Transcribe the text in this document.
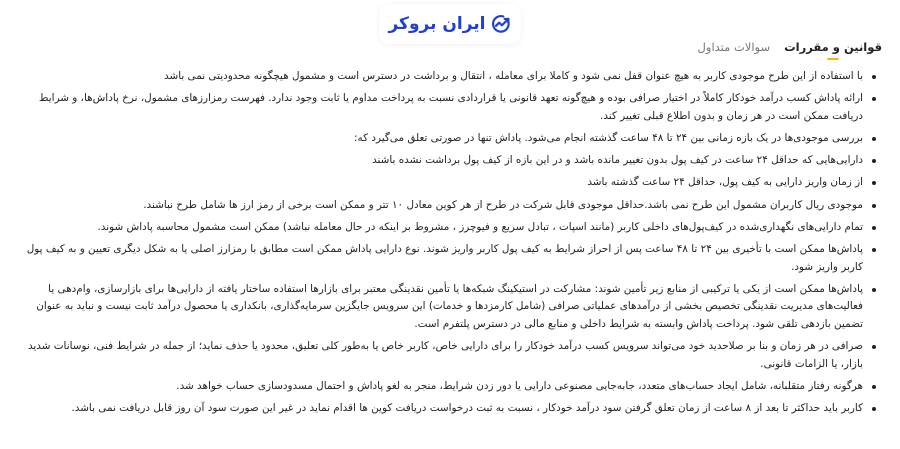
ایران بروکر
قوانین و مقررات
سوالات متداول
با استفاده از این طرح موجودی کاربر به هیچ عنوان قفل نمی شود و کاملا برای معامله ، انتقال و برداشت در دسترس است و مشمول هیچگونه محدودیتی نمی باشد
ارائه پاداش کسب درآمد خودکار کاملاً در اختیار صرافی بوده و هیچ‌گونه تعهد قانونی یا قراردادی نسبت به پرداخت مداوم یا ثابت وجود ندارد. فهرست رمزارزهای مشمول، نرخ پاداش‌ها، و شرایط دریافت ممکن است در هر زمان و بدون اطلاع قبلی تغییر کند.
بررسی موجودی‌ها در یک بازه زمانی بین ۲۴ تا ۴۸ ساعت گذشته انجام می‌شود. پاداش تنها در صورتی تعلق می‌گیرد که:
دارایی‌هایی که حداقل ۲۴ ساعت در کیف پول بدون تغییر مانده باشد و در این بازه از کیف پول برداشت نشده باشند
از زمان واریز دارایی به کیف پول، حداقل ۲۴ ساعت گذشته باشد
موجودی ریال کاربران مشمول این طرح نمی باشد.حداقل موجودی قابل شرکت در طرح از هر کوین معادل ۱۰ تتر و ممکن است برخی از رمز ارز ها شامل طرح نباشند.
تمام دارایی‌های نگهداری‌شده در کیف‌پول‌های داخلی کاربر (مانند اسپات ، تبادل سریع و فیوچرز ، مشروط بر اینکه در حال معامله نباشد) ممکن است مشمول محاسبه پاداش شوند.
پاداش‌ها ممکن است با تأخیری بین ۲۴ تا ۴۸ ساعت پس از احراز شرایط به کیف پول کاربر واریز شوند. نوع دارایی پاداش ممکن است مطابق با رمزارز اصلی یا به شکل دیگری تعیین و به کیف پول کاربر واریز شود.
پاداش‌ها ممکن است از یکی یا ترکیبی از منابع زیر تأمین شوند: مشارکت در استیکینگ شبکه‌ها یا تأمین نقدینگی معتبر برای بازارها استفاده ساختار یافته از دارایی‌ها برای بازارسازی، وام‌دهی یا فعالیت‌های مدیریت نقدینگی تخصیص بخشی از درآمدهای عملیاتی صرافی (شامل کارمزدها و خدمات) این سرویس جایگزین سرمایه‌گذاری، بانکداری یا محصول درآمد ثابت نیست و نباید به عنوان تضمین بازدهی تلقی شود. پرداخت پاداش وابسته به شرایط داخلی و منابع مالی در دسترس پلتفرم است.
صرافی در هر زمان و بنا بر صلاحدید خود می‌تواند سرویس کسب درآمد خودکار را برای دارایی خاص، کاربر خاص یا به‌طور کلی تعلیق، محدود یا حذف نماید؛ از جمله در شرایط فنی، نوسانات شدید بازار، یا الزامات قانونی.
هرگونه رفتار متقلبانه، شامل ایجاد حساب‌های متعدد، جابه‌جایی مصنوعی دارایی یا دور زدن شرایط، منجر به لغو پاداش و احتمال مسدودسازی حساب خواهد شد.
کاربر باید حداکثر تا بعد از ۸ ساعت از زمان تعلق گرفتن سود درآمد خودکار ، نسبت به ثبت درخواست دریافت کوین ها اقدام نماید در غیر این صورت سود آن روز قابل دریافت نمی باشد.
